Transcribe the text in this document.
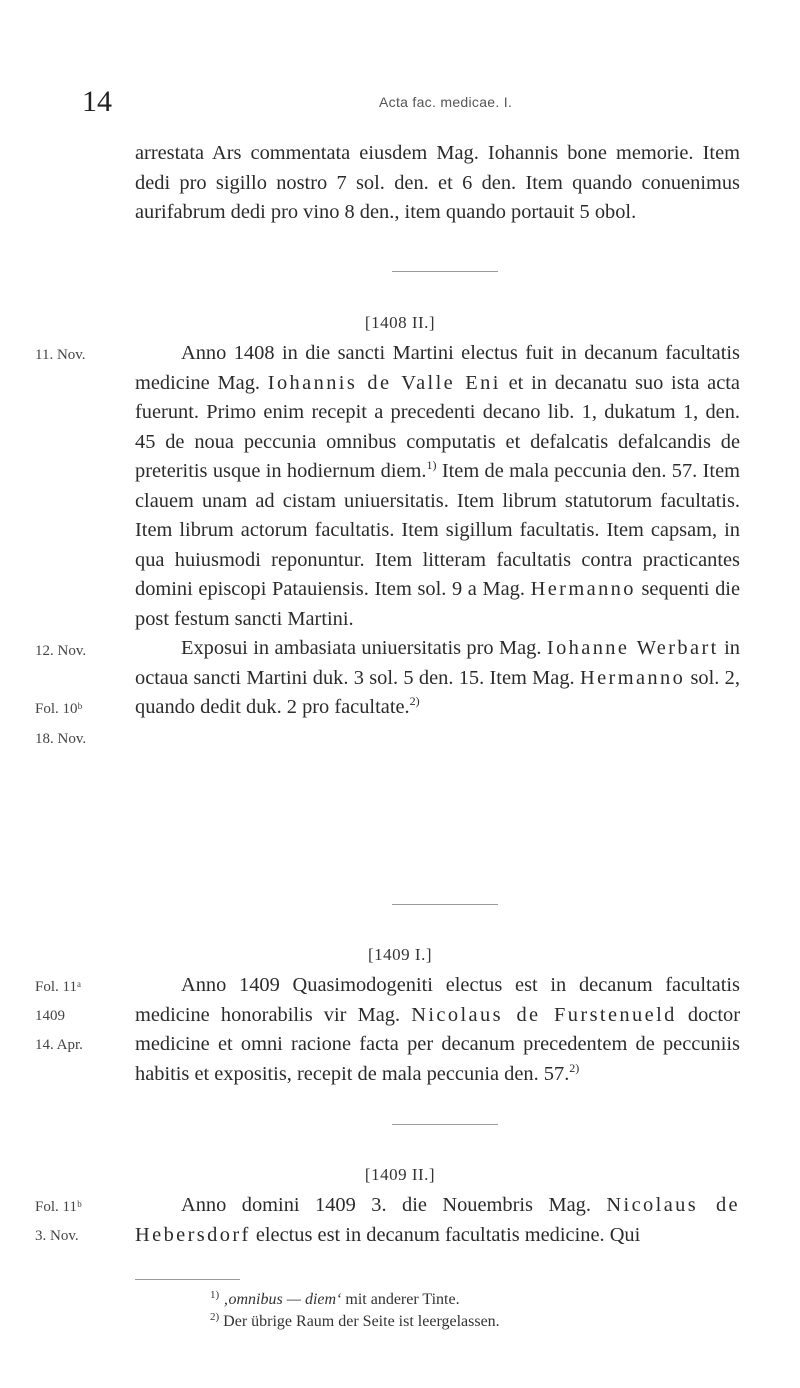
14	Acta fac. medicae. I.

arrestata Ars commentata eiusdem Mag. Iohannis bone memorie. Item dedi pro sigillo nostro 7 sol. den. et 6 den. Item quando conuenimus aurifabrum dedi pro vino 8 den., item quando portauit 5 obol.

[1408 II.]

Anno 1408 in die sancti Martini electus fuit in decanum facultatis medicine Mag. Iohannis de Valle Eni et in decanatu suo ista acta fuerunt. Primo enim recepit a precedenti decano lib. 1, dukatum 1, den. 45 de noua peccunia omnibus computatis et defalcatis defalcandis de preteritis usque in hodiernum diem.$^{1)}$ Item de mala peccunia den. 57. Item clauem unam ad cistam uniuersitatis. Item librum statutorum facultatis. Item librum actorum facultatis. Item sigillum facultatis. Item capsam, in qua huiusmodi reponuntur. Item litteram facultatis contra practicantes domini episcopi Patauiensis. Item sol. 9 a Mag. Hermanno sequenti die post festum sancti Martini.

Exposui in ambasiata uniuersitatis pro Mag. Iohanne Werbart in octaua sancti Martini duk. 3 sol. 5 den. 15. Item Mag. Hermanno sol. 2, quando dedit duk. 2 pro facultate.$^{2)}$

[1409 I.]

Anno 1409 Quasimodogeniti electus est in decanum facultatis medicine honorabilis vir Mag. Nicolaus de Furstenueld doctor medicine et omni racione facta per decanum precedentem de peccuniis habitis et expositis, recepit de mala peccunia den. 57.$^{2)}$

[1409 II.]

Anno domini 1409 3. die Nouembris Mag. Nicolaus de Hebersdorf electus est in decanum facultatis medicine. Qui

11. Nov.
12. Nov.
Fol. 10ᵇ
18. Nov.
Fol. 11ᵃ
1409
14. Apr.
Fol. 11ᵇ
3. Nov.
$^{1)}$ ‚omnibus — diem‘ mit anderer Tinte.
$^{2)}$ Der übrige Raum der Seite ist leergelassen.
